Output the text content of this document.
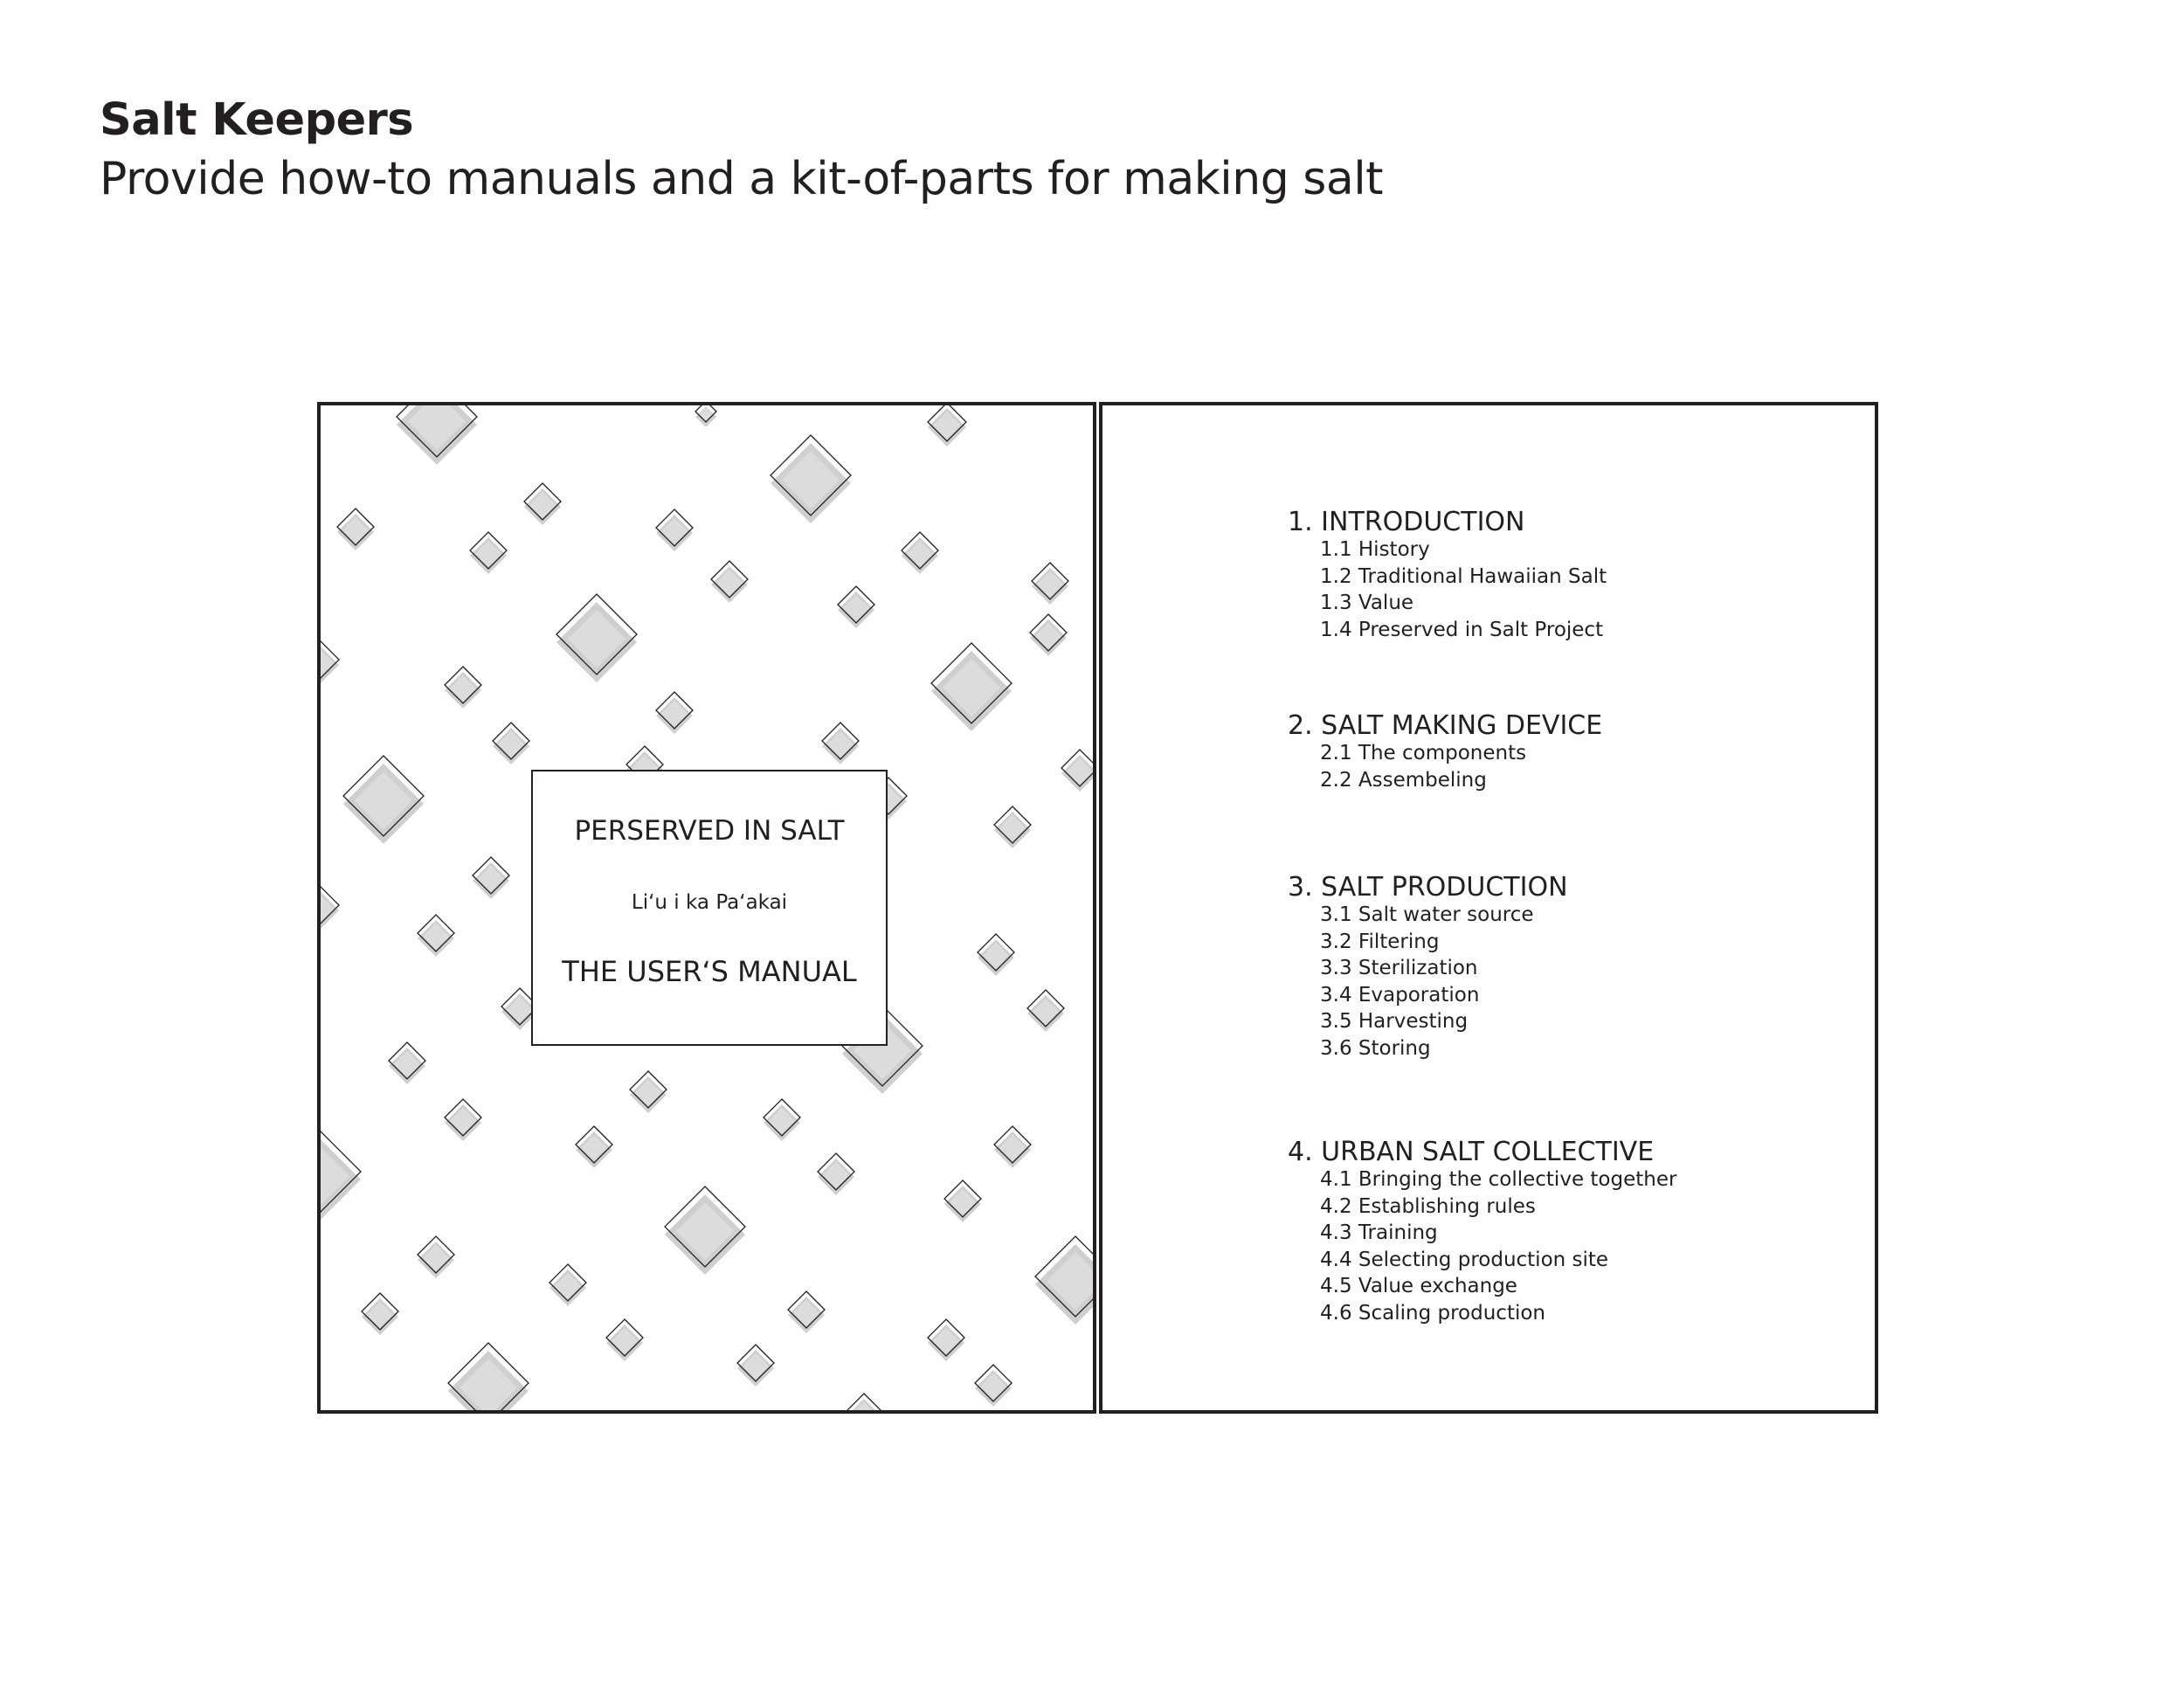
Salt Keepers
Provide how-to manuals and a kit-of-parts for making salt
PERSERVED IN SALT
Li‘u i ka Pa‘akai
THE USER‘S MANUAL
1. INTRODUCTION
1.1 History
1.2 Traditional Hawaiian Salt
1.3 Value
1.4 Preserved in Salt Project
2. SALT MAKING DEVICE
2.1 The components
2.2 Assembeling
3. SALT PRODUCTION
3.1 Salt water source
3.2 Filtering
3.3 Sterilization
3.4 Evaporation
3.5 Harvesting
3.6 Storing
4. URBAN SALT COLLECTIVE
4.1 Bringing the collective together
4.2 Establishing rules
4.3 Training
4.4 Selecting production site
4.5 Value exchange
4.6 Scaling production
